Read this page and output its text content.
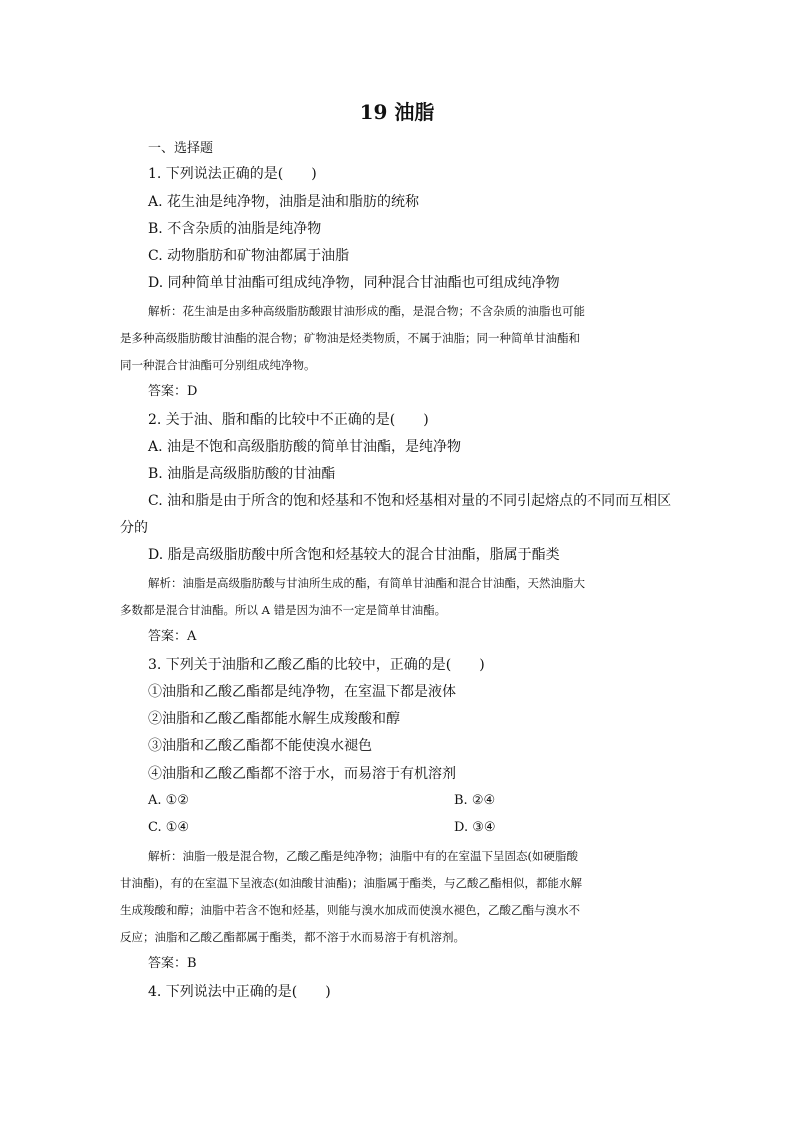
19 油脂
一、选择题
1. 下列说法正确的是(　　)
A. 花生油是纯净物，油脂是油和脂肪的统称
B. 不含杂质的油脂是纯净物
C. 动物脂肪和矿物油都属于油脂
D. 同种简单甘油酯可组成纯净物，同种混合甘油酯也可组成纯净物
解析：花生油是由多种高级脂肪酸跟甘油形成的酯，是混合物；不含杂质的油脂也可能
是多种高级脂肪酸甘油酯的混合物；矿物油是烃类物质，不属于油脂；同一种简单甘油酯和
同一种混合甘油酯可分别组成纯净物。
答案：D
2. 关于油、脂和酯的比较中不正确的是(　　)
A. 油是不饱和高级脂肪酸的简单甘油酯，是纯净物
B. 油脂是高级脂肪酸的甘油酯
C. 油和脂是由于所含的饱和烃基和不饱和烃基相对量的不同引起熔点的不同而互相区
分的
D. 脂是高级脂肪酸中所含饱和烃基较大的混合甘油酯，脂属于酯类
解析：油脂是高级脂肪酸与甘油所生成的酯，有简单甘油酯和混合甘油酯，天然油脂大
多数都是混合甘油酯。所以 A 错是因为油不一定是简单甘油酯。
答案：A
3. 下列关于油脂和乙酸乙酯的比较中，正确的是(　　)
①油脂和乙酸乙酯都是纯净物，在室温下都是液体
②油脂和乙酸乙酯都能水解生成羧酸和醇
③油脂和乙酸乙酯都不能使溴水褪色
④油脂和乙酸乙酯都不溶于水，而易溶于有机溶剂
A. ①②	B. ②④
C. ①④	D. ③④
解析：油脂一般是混合物，乙酸乙酯是纯净物；油脂中有的在室温下呈固态(如硬脂酸
甘油酯)，有的在室温下呈液态(如油酸甘油酯)；油脂属于酯类，与乙酸乙酯相似，都能水解
生成羧酸和醇；油脂中若含不饱和烃基，则能与溴水加成而使溴水褪色，乙酸乙酯与溴水不
反应；油脂和乙酸乙酯都属于酯类，都不溶于水而易溶于有机溶剂。
答案：B
4. 下列说法中正确的是(　　)
